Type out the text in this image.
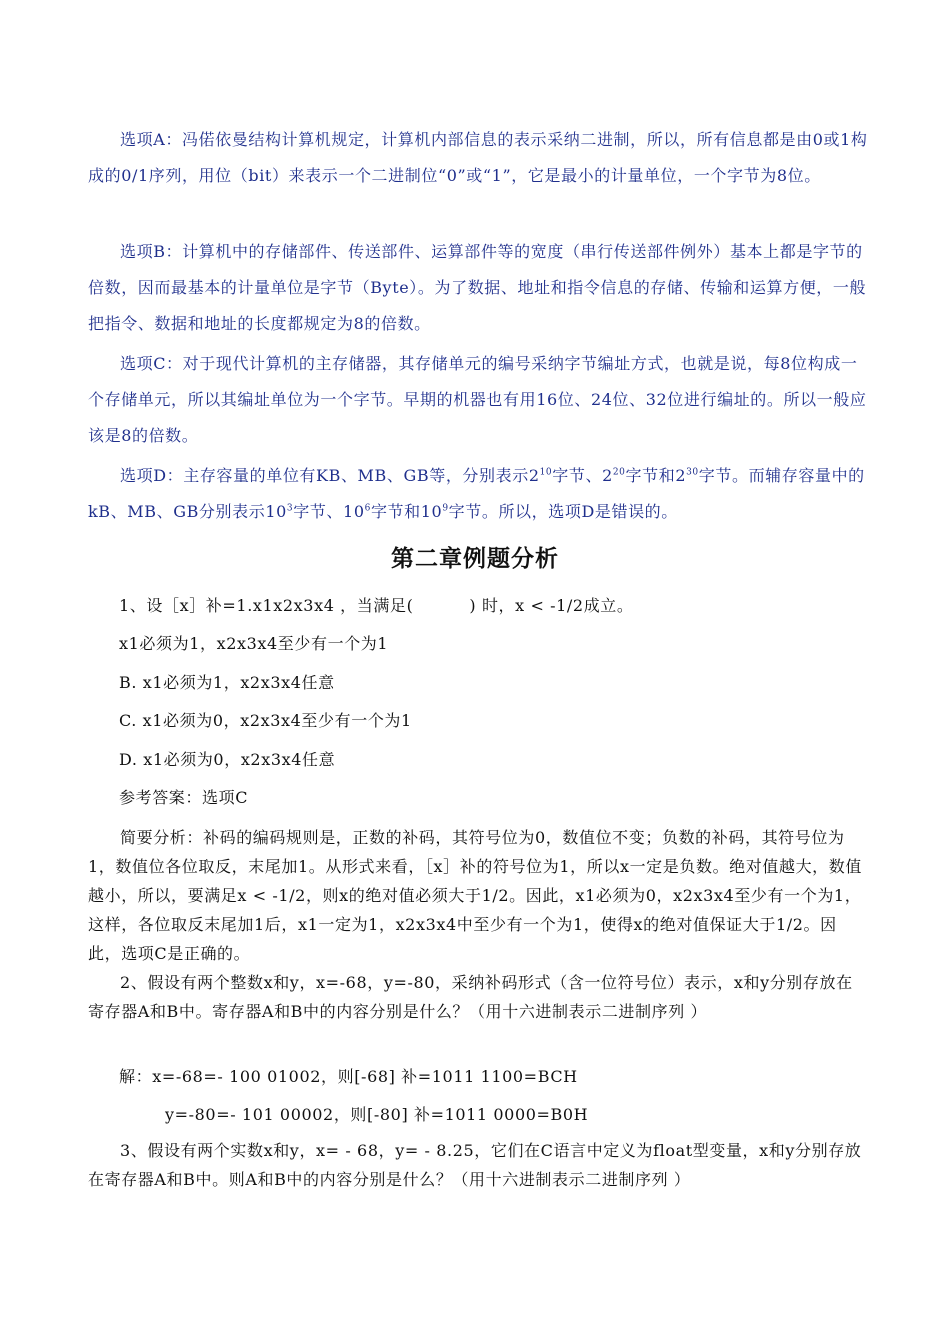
选项A：冯偌依曼结构计算机规定，计算机内部信息的表示采纳二进制，所以，所有信息都是由0或1构成的0/1序列，用位（bit）来表示一个二进制位“0”或“1”，它是最小的计量单位，一个字节为8位。

选项B：计算机中的存储部件、传送部件、运算部件等的宽度（串行传送部件例外）基本上都是字节的倍数，因而最基本的计量单位是字节（Byte）。为了数据、地址和指令信息的存储、传输和运算方便，一般把指令、数据和地址的长度都规定为8的倍数。

选项C：对于现代计算机的主存储器，其存储单元的编号采纳字节编址方式，也就是说，每8位构成一个存储单元，所以其编址单位为一个字节。早期的机器也有用16位、24位、32位进行编址的。所以一般应该是8的倍数。

选项D：主存容量的单位有KB、MB、GB等，分别表示$2^{10}$字节、$2^{20}$字节和$2^{30}$字节。而辅存容量中的kB、MB、GB分别表示$10^3$字节、$10^6$字节和$10^9$字节。所以，选项D是错误的。

第二章例题分析

1、设［x］补=1.x1x2x3x4 ，当满足(	) 时，x < -1/2成立。

x1必须为1，x2x3x4至少有一个为1

B. x1必须为1，x2x3x4任意

C. x1必须为0，x2x3x4至少有一个为1

D. x1必须为0，x2x3x4任意

参考答案：选项C

简要分析：补码的编码规则是，正数的补码，其符号位为0，数值位不变；负数的补码，其符号位为1，数值位各位取反，末尾加1。从形式来看，［x］补的符号位为1，所以x一定是负数。绝对值越大，数值越小，所以，要满足x < -1/2，则x的绝对值必须大于1/2。因此，x1必须为0，x2x3x4至少有一个为1，这样，各位取反末尾加1后，x1一定为1，x2x3x4中至少有一个为1，使得x的绝对值保证大于1/2。因此，选项C是正确的。

2、假设有两个整数x和y，x=-68，y=-80，采纳补码形式（含一位符号位）表示，x和y分别存放在寄存器A和B中。寄存器A和B中的内容分别是什么？（用十六进制表示二进制序列 ）

解：x=-68=- 100 01002，则[-68] 补=1011 1100=BCH

y=-80=- 101 00002，则[-80] 补=1011 0000=B0H

3、假设有两个实数x和y，x= - 68，y= - 8.25，它们在C语言中定义为float型变量，x和y分别存放在寄存器A和B中。则A和B中的内容分别是什么？（用十六进制表示二进制序列 ）
